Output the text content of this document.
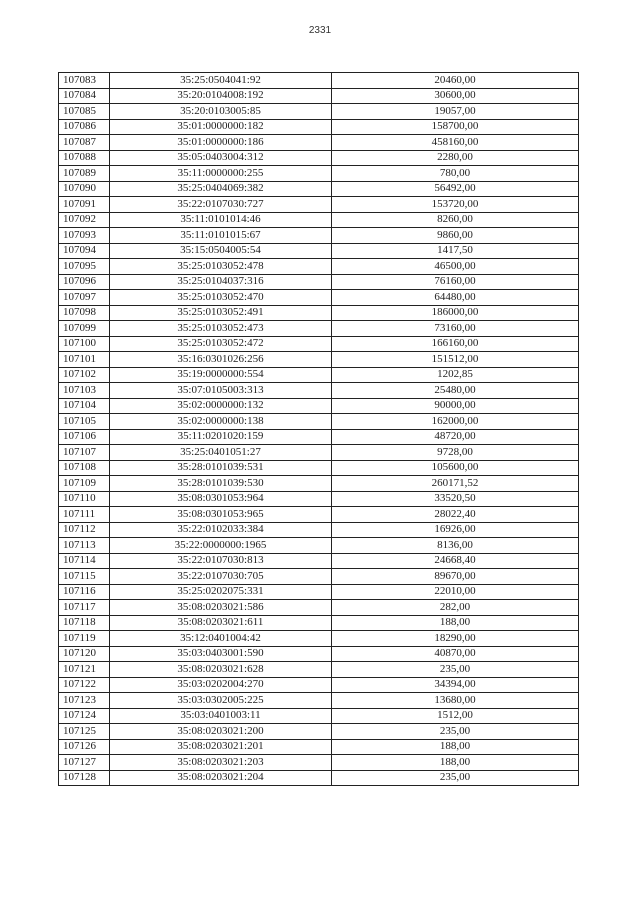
2331
107083	35:25:0504041:92	20460,00
107084	35:20:0104008:192	30600,00
107085	35:20:0103005:85	19057,00
107086	35:01:0000000:182	158700,00
107087	35:01:0000000:186	458160,00
107088	35:05:0403004:312	2280,00
107089	35:11:0000000:255	780,00
107090	35:25:0404069:382	56492,00
107091	35:22:0107030:727	153720,00
107092	35:11:0101014:46	8260,00
107093	35:11:0101015:67	9860,00
107094	35:15:0504005:54	1417,50
107095	35:25:0103052:478	46500,00
107096	35:25:0104037:316	76160,00
107097	35:25:0103052:470	64480,00
107098	35:25:0103052:491	186000,00
107099	35:25:0103052:473	73160,00
107100	35:25:0103052:472	166160,00
107101	35:16:0301026:256	151512,00
107102	35:19:0000000:554	1202,85
107103	35:07:0105003:313	25480,00
107104	35:02:0000000:132	90000,00
107105	35:02:0000000:138	162000,00
107106	35:11:0201020:159	48720,00
107107	35:25:0401051:27	9728,00
107108	35:28:0101039:531	105600,00
107109	35:28:0101039:530	260171,52
107110	35:08:0301053:964	33520,50
107111	35:08:0301053:965	28022,40
107112	35:22:0102033:384	16926,00
107113	35:22:0000000:1965	8136,00
107114	35:22:0107030:813	24668,40
107115	35:22:0107030:705	89670,00
107116	35:25:0202075:331	22010,00
107117	35:08:0203021:586	282,00
107118	35:08:0203021:611	188,00
107119	35:12:0401004:42	18290,00
107120	35:03:0403001:590	40870,00
107121	35:08:0203021:628	235,00
107122	35:03:0202004:270	34394,00
107123	35:03:0302005:225	13680,00
107124	35:03:0401003:11	1512,00
107125	35:08:0203021:200	235,00
107126	35:08:0203021:201	188,00
107127	35:08:0203021:203	188,00
107128	35:08:0203021:204	235,00
